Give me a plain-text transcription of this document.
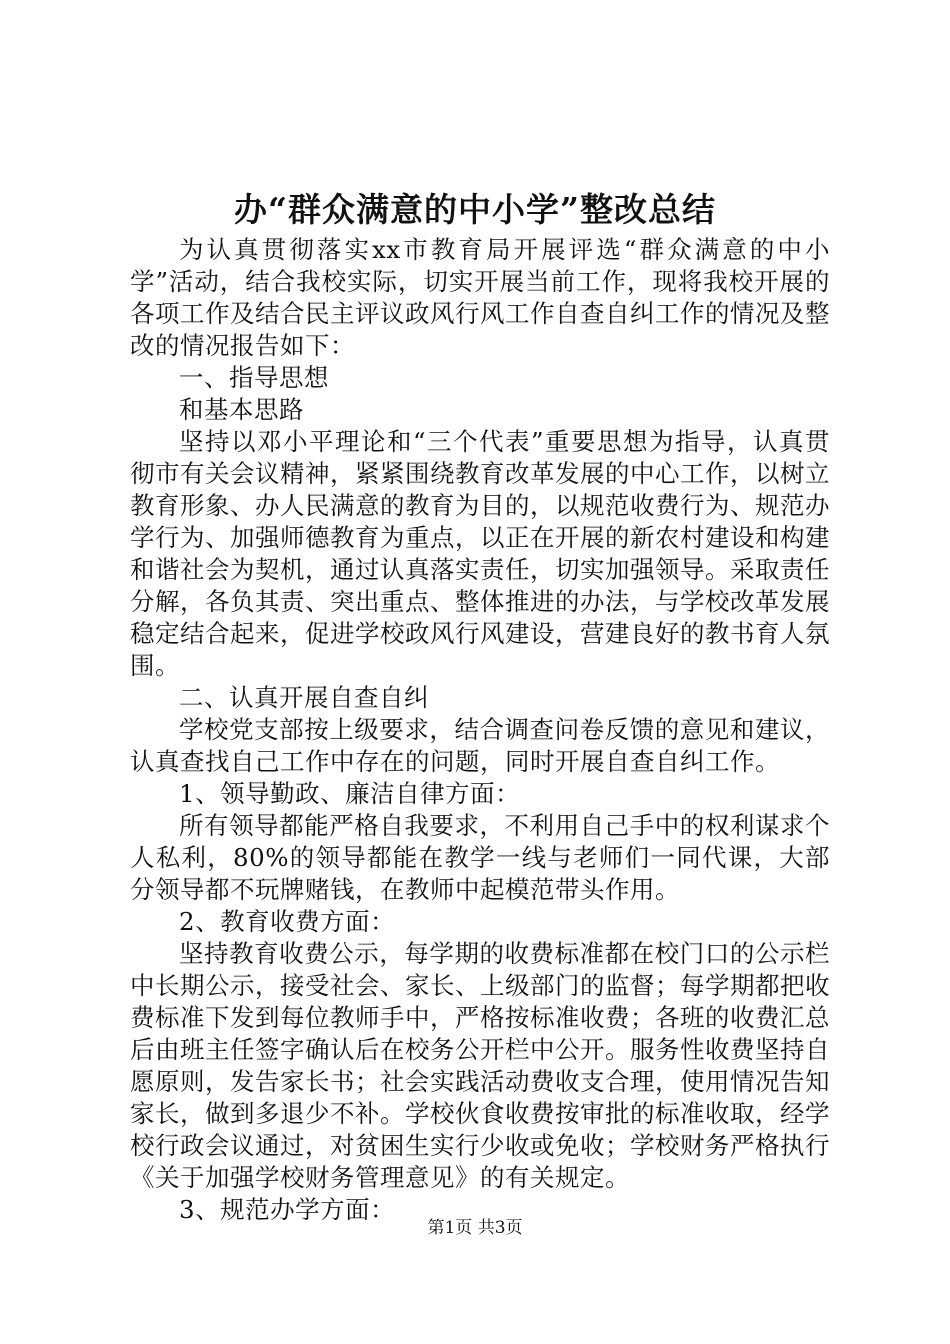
办“群众满意的中小学”整改总结

为认真贯彻落实xx市教育局开展评选“群众满意的中小学”活动，结合我校实际，切实开展当前工作，现将我校开展的各项工作及结合民主评议政风行风工作自查自纠工作的情况及整改的情况报告如下：

一、指导思想

和基本思路

坚持以邓小平理论和“三个代表”重要思想为指导，认真贯彻市有关会议精神，紧紧围绕教育改革发展的中心工作，以树立教育形象、办人民满意的教育为目的，以规范收费行为、规范办学行为、加强师德教育为重点，以正在开展的新农村建设和构建和谐社会为契机，通过认真落实责任，切实加强领导。采取责任分解，各负其责、突出重点、整体推进的办法，与学校改革发展稳定结合起来，促进学校政风行风建设，营建良好的教书育人氛围。

二、认真开展自查自纠

学校党支部按上级要求，结合调查问卷反馈的意见和建议，认真查找自己工作中存在的问题，同时开展自查自纠工作。

1、领导勤政、廉洁自律方面：

所有领导都能严格自我要求，不利用自己手中的权利谋求个人私利，80%的领导都能在教学一线与老师们一同代课，大部分领导都不玩牌赌钱，在教师中起模范带头作用。

2、教育收费方面：

坚持教育收费公示，每学期的收费标准都在校门口的公示栏中长期公示，接受社会、家长、上级部门的监督；每学期都把收费标准下发到每位教师手中，严格按标准收费；各班的收费汇总后由班主任签字确认后在校务公开栏中公开。服务性收费坚持自愿原则，发告家长书；社会实践活动费收支合理，使用情况告知家长，做到多退少不补。学校伙食收费按审批的标准收取，经学校行政会议通过，对贫困生实行少收或免收；学校财务严格执行《关于加强学校财务管理意见》的有关规定。

3、规范办学方面：

第1页 共3页
